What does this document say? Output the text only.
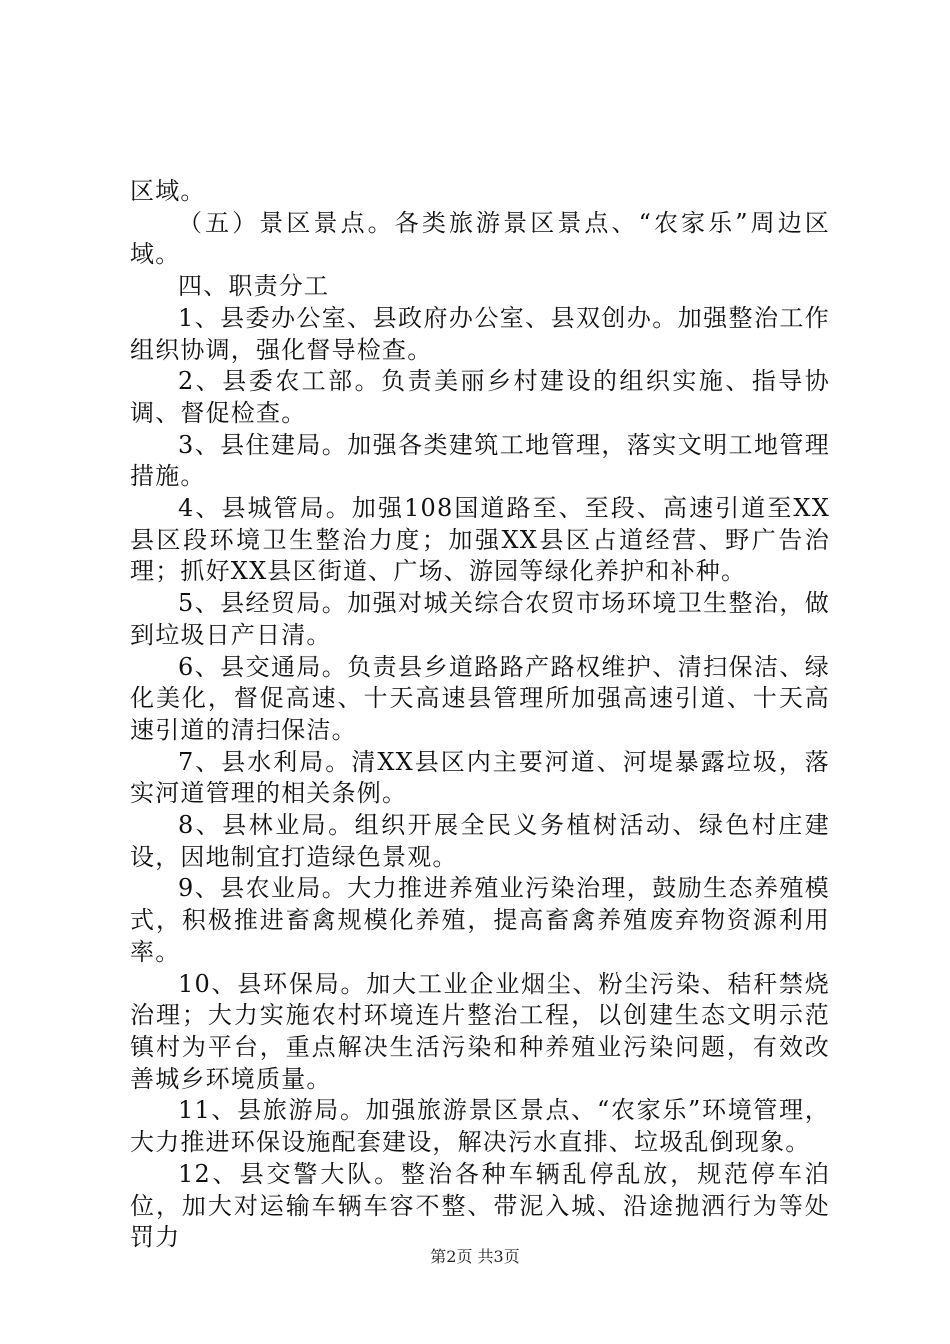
区域。

（五）景区景点。各类旅游景区景点、“农家乐”周边区域。

四、职责分工

1、县委办公室、县政府办公室、县双创办。加强整治工作组织协调，强化督导检查。

2、县委农工部。负责美丽乡村建设的组织实施、指导协调、督促检查。

3、县住建局。加强各类建筑工地管理，落实文明工地管理措施。

4、县城管局。加强108国道路至、至段、高速引道至XX县区段环境卫生整治力度；加强XX县区占道经营、野广告治理；抓好XX县区街道、广场、游园等绿化养护和补种。

5、县经贸局。加强对城关综合农贸市场环境卫生整治，做到垃圾日产日清。

6、县交通局。负责县乡道路路产路权维护、清扫保洁、绿化美化，督促高速、十天高速县管理所加强高速引道、十天高速引道的清扫保洁。

7、县水利局。清XX县区内主要河道、河堤暴露垃圾，落实河道管理的相关条例。

8、县林业局。组织开展全民义务植树活动、绿色村庄建设，因地制宜打造绿色景观。

9、县农业局。大力推进养殖业污染治理，鼓励生态养殖模式，积极推进畜禽规模化养殖，提高畜禽养殖废弃物资源利用率。

10、县环保局。加大工业企业烟尘、粉尘污染、秸秆禁烧治理；大力实施农村环境连片整治工程，以创建生态文明示范镇村为平台，重点解决生活污染和种养殖业污染问题，有效改善城乡环境质量。

11、县旅游局。加强旅游景区景点、“农家乐”环境管理，大力推进环保设施配套建设，解决污水直排、垃圾乱倒现象。

12、县交警大队。整治各种车辆乱停乱放，规范停车泊位，加大对运输车辆车容不整、带泥入城、沿途抛洒行为等处罚力

第2页 共3页
